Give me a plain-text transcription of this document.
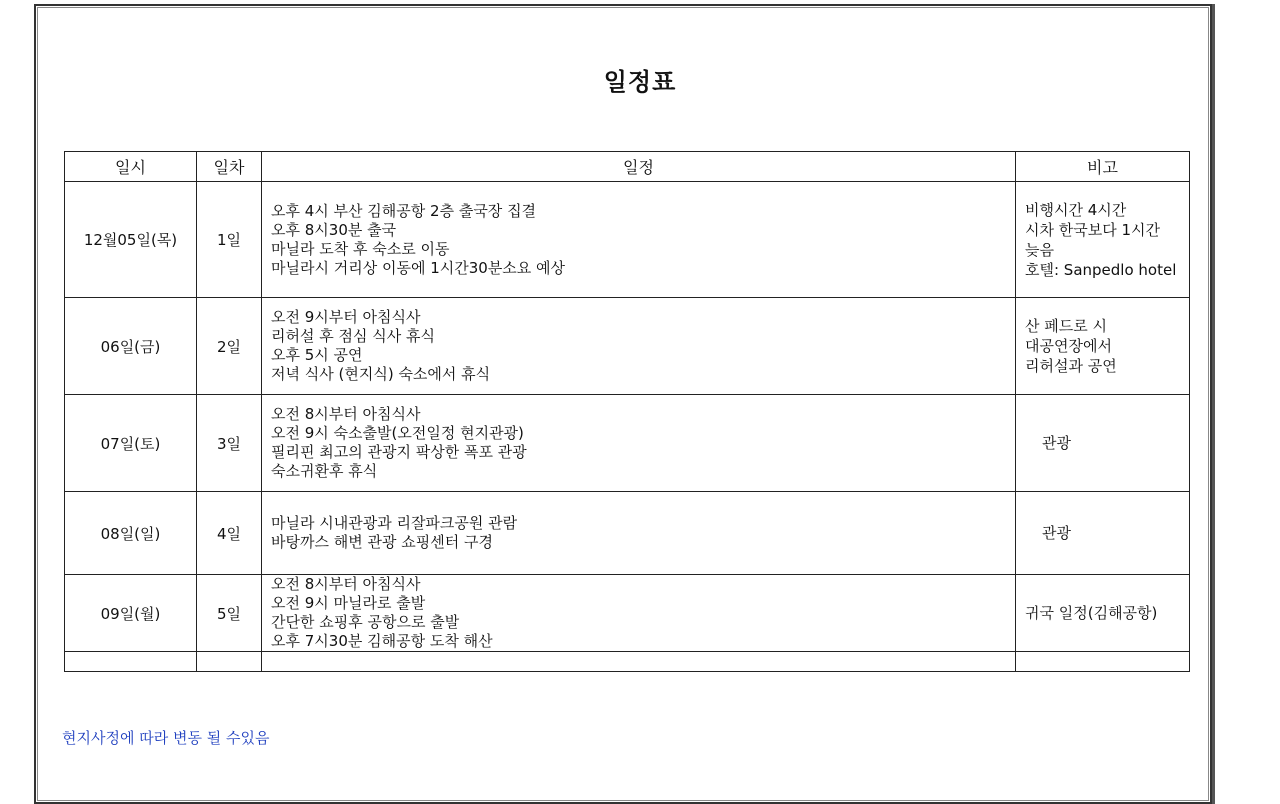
일정표
일시	일차	일정	비고
12월05일(목)	1일	오후 4시 부산 김해공항 2층 출국장 집결
오후 8시30분 출국
마닐라 도착 후 숙소로 이동
마닐라시 거리상 이동에 1시간30분소요 예상	비행시간 4시간
시차 한국보다 1시간
늦음
호텔: Sanpedlo hotel
06일(금)	2일	오전 9시부터 아침식사
리허설 후 점심 식사 휴식
오후 5시 공연
저녁 식사 (현지식) 숙소에서 휴식	산 페드로 시
대공연장에서
리허설과 공연
07일(토)	3일	오전 8시부터 아침식사
오전 9시 숙소출발(오전일정 현지관광)
필리핀 최고의 관광지 팍상한 폭포 관광
숙소귀환후 휴식	관광
08일(일)	4일	마닐라 시내관광과 리잘파크공원 관람
바탕까스 해변 관광 쇼핑센터 구경	관광
09일(월)	5일	오전 8시부터 아침식사
오전 9시 마닐라로 출발
간단한 쇼핑후 공항으로 출발
오후 7시30분 김해공항 도착 해산	귀국 일정(김해공항)

현지사정에 따라 변동 될 수있음
